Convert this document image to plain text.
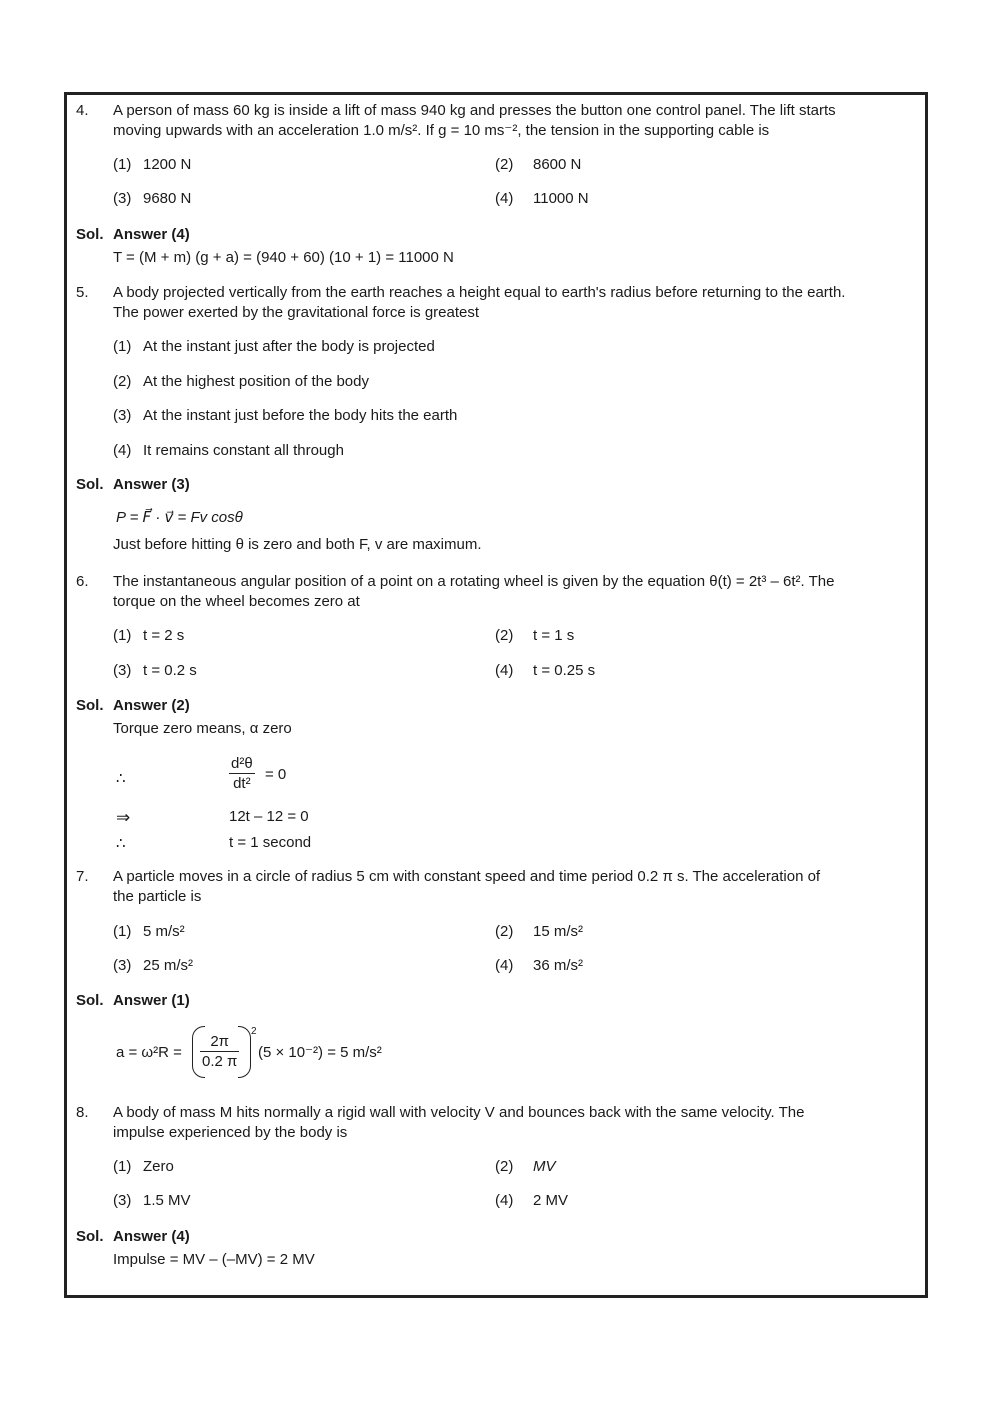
4. A person of mass 60 kg is inside a lift of mass 940 kg and presses the button one control panel. The lift starts
moving upwards with an acceleration 1.0 m/s². If g = 10 ms⁻², the tension in the supporting cable is
(1) 1200 N	(2) 8600 N
(3) 9680 N	(4) 11000 N
Sol. Answer (4)
T = (M + m) (g + a) = (940 + 60) (10 + 1) = 11000 N
5. A body projected vertically from the earth reaches a height equal to earth's radius before returning to the earth.
The power exerted by the gravitational force is greatest
(1) At the instant just after the body is projected
(2) At the highest position of the body
(3) At the instant just before the body hits the earth
(4) It remains constant all through
Sol. Answer (3)
P = F⃗ · v⃗ = Fv cosθ
Just before hitting θ is zero and both F, v are maximum.
6. The instantaneous angular position of a point on a rotating wheel is given by the equation θ(t) = 2t³ – 6t². The
torque on the wheel becomes zero at
(1) t = 2 s	(2) t = 1 s
(3) t = 0.2 s	(4) t = 0.25 s
Sol. Answer (2)
Torque zero means, α zero
∴	$\frac{\text{d²θ}}{\text{dt²}} = 0$
⇒	12t – 12 = 0
∴	t = 1 second
7. A particle moves in a circle of radius 5 cm with constant speed and time period 0.2 π s. The acceleration of
the particle is
(1) 5 m/s²	(2) 15 m/s²
(3) 25 m/s²	(4) 36 m/s²
Sol. Answer (1)
$a = \omega^2R = \frac{2\pi}{0.2 \pi}$
2
(5 × 10⁻²) = 5 m/s²
8. A body of mass M hits normally a rigid wall with velocity V and bounces back with the same velocity. The
impulse experienced by the body is
(1) Zero	(2) MV
(3) 1.5 MV	(4) 2 MV
Sol. Answer (4)
Impulse = MV – (–MV) = 2 MV
